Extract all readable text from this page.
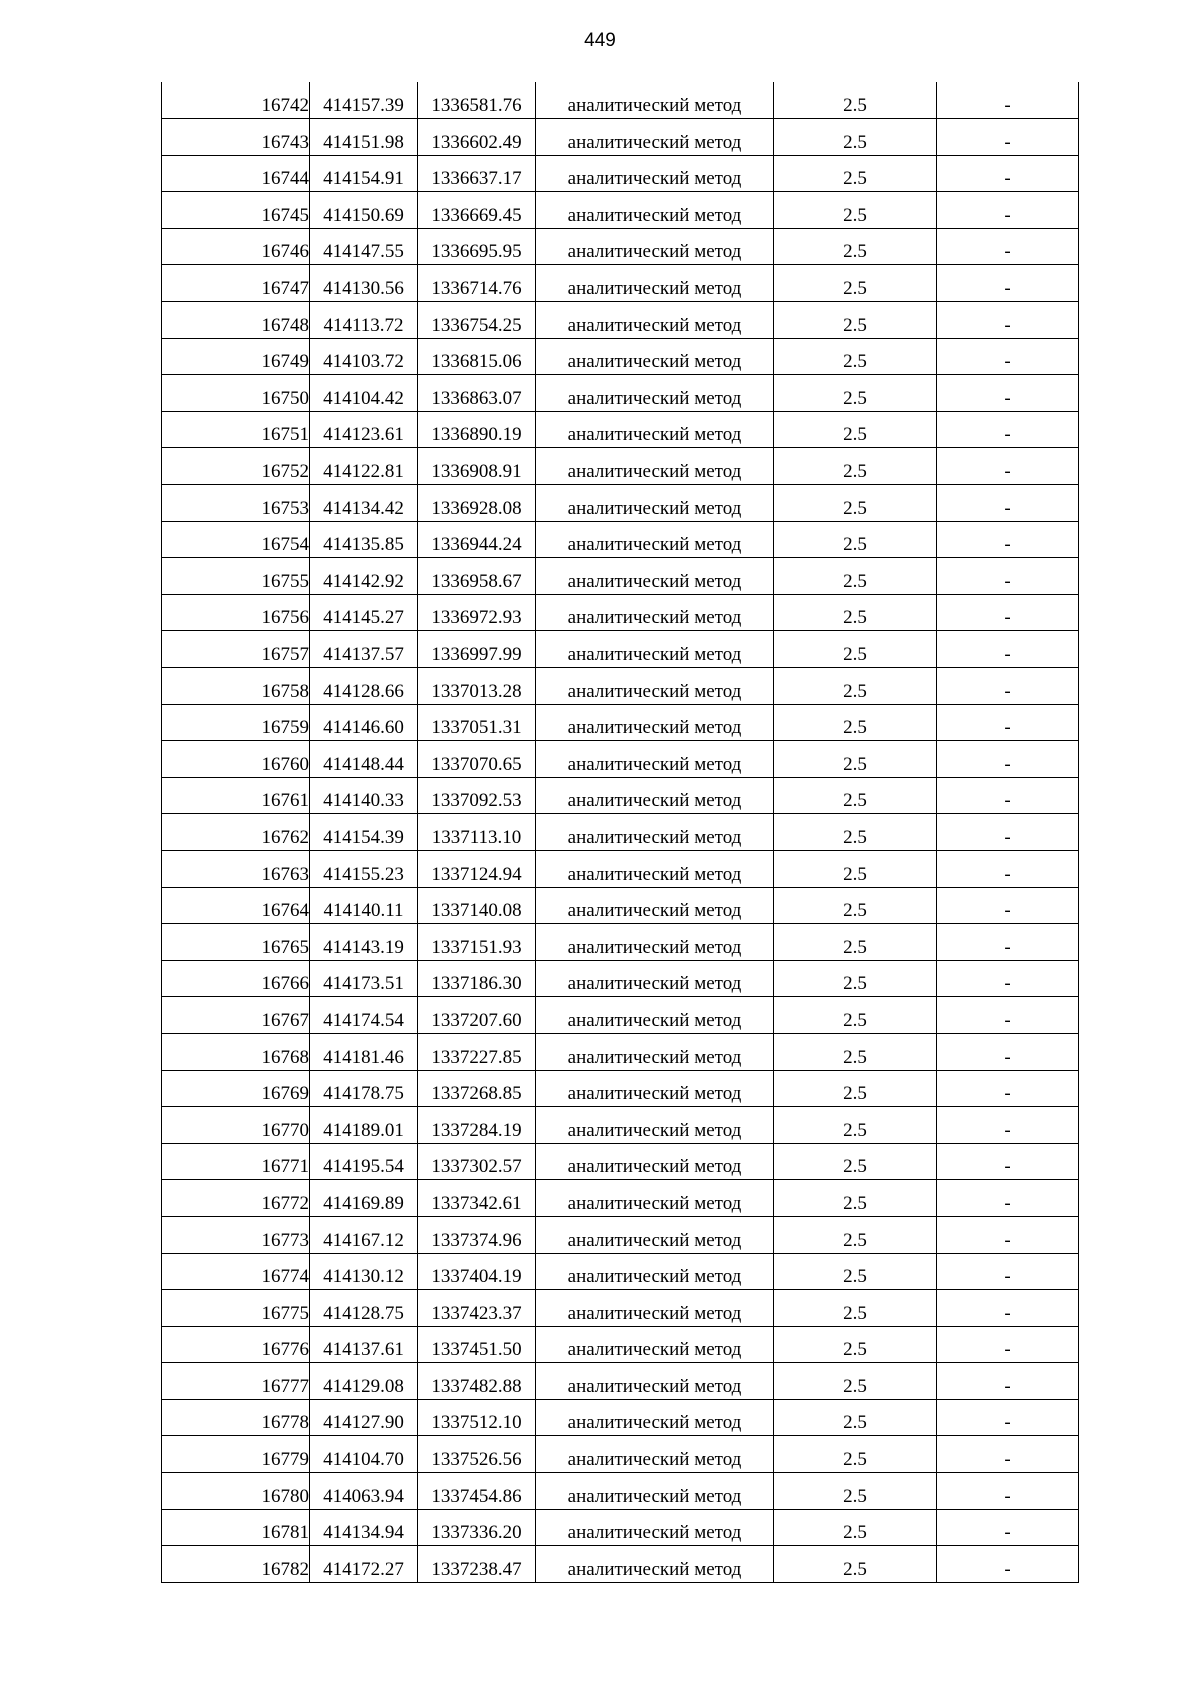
449
16742	414157.39	1336581.76	аналитический метод	2.5	-
16743	414151.98	1336602.49	аналитический метод	2.5	-
16744	414154.91	1336637.17	аналитический метод	2.5	-
16745	414150.69	1336669.45	аналитический метод	2.5	-
16746	414147.55	1336695.95	аналитический метод	2.5	-
16747	414130.56	1336714.76	аналитический метод	2.5	-
16748	414113.72	1336754.25	аналитический метод	2.5	-
16749	414103.72	1336815.06	аналитический метод	2.5	-
16750	414104.42	1336863.07	аналитический метод	2.5	-
16751	414123.61	1336890.19	аналитический метод	2.5	-
16752	414122.81	1336908.91	аналитический метод	2.5	-
16753	414134.42	1336928.08	аналитический метод	2.5	-
16754	414135.85	1336944.24	аналитический метод	2.5	-
16755	414142.92	1336958.67	аналитический метод	2.5	-
16756	414145.27	1336972.93	аналитический метод	2.5	-
16757	414137.57	1336997.99	аналитический метод	2.5	-
16758	414128.66	1337013.28	аналитический метод	2.5	-
16759	414146.60	1337051.31	аналитический метод	2.5	-
16760	414148.44	1337070.65	аналитический метод	2.5	-
16761	414140.33	1337092.53	аналитический метод	2.5	-
16762	414154.39	1337113.10	аналитический метод	2.5	-
16763	414155.23	1337124.94	аналитический метод	2.5	-
16764	414140.11	1337140.08	аналитический метод	2.5	-
16765	414143.19	1337151.93	аналитический метод	2.5	-
16766	414173.51	1337186.30	аналитический метод	2.5	-
16767	414174.54	1337207.60	аналитический метод	2.5	-
16768	414181.46	1337227.85	аналитический метод	2.5	-
16769	414178.75	1337268.85	аналитический метод	2.5	-
16770	414189.01	1337284.19	аналитический метод	2.5	-
16771	414195.54	1337302.57	аналитический метод	2.5	-
16772	414169.89	1337342.61	аналитический метод	2.5	-
16773	414167.12	1337374.96	аналитический метод	2.5	-
16774	414130.12	1337404.19	аналитический метод	2.5	-
16775	414128.75	1337423.37	аналитический метод	2.5	-
16776	414137.61	1337451.50	аналитический метод	2.5	-
16777	414129.08	1337482.88	аналитический метод	2.5	-
16778	414127.90	1337512.10	аналитический метод	2.5	-
16779	414104.70	1337526.56	аналитический метод	2.5	-
16780	414063.94	1337454.86	аналитический метод	2.5	-
16781	414134.94	1337336.20	аналитический метод	2.5	-
16782	414172.27	1337238.47	аналитический метод	2.5	-
